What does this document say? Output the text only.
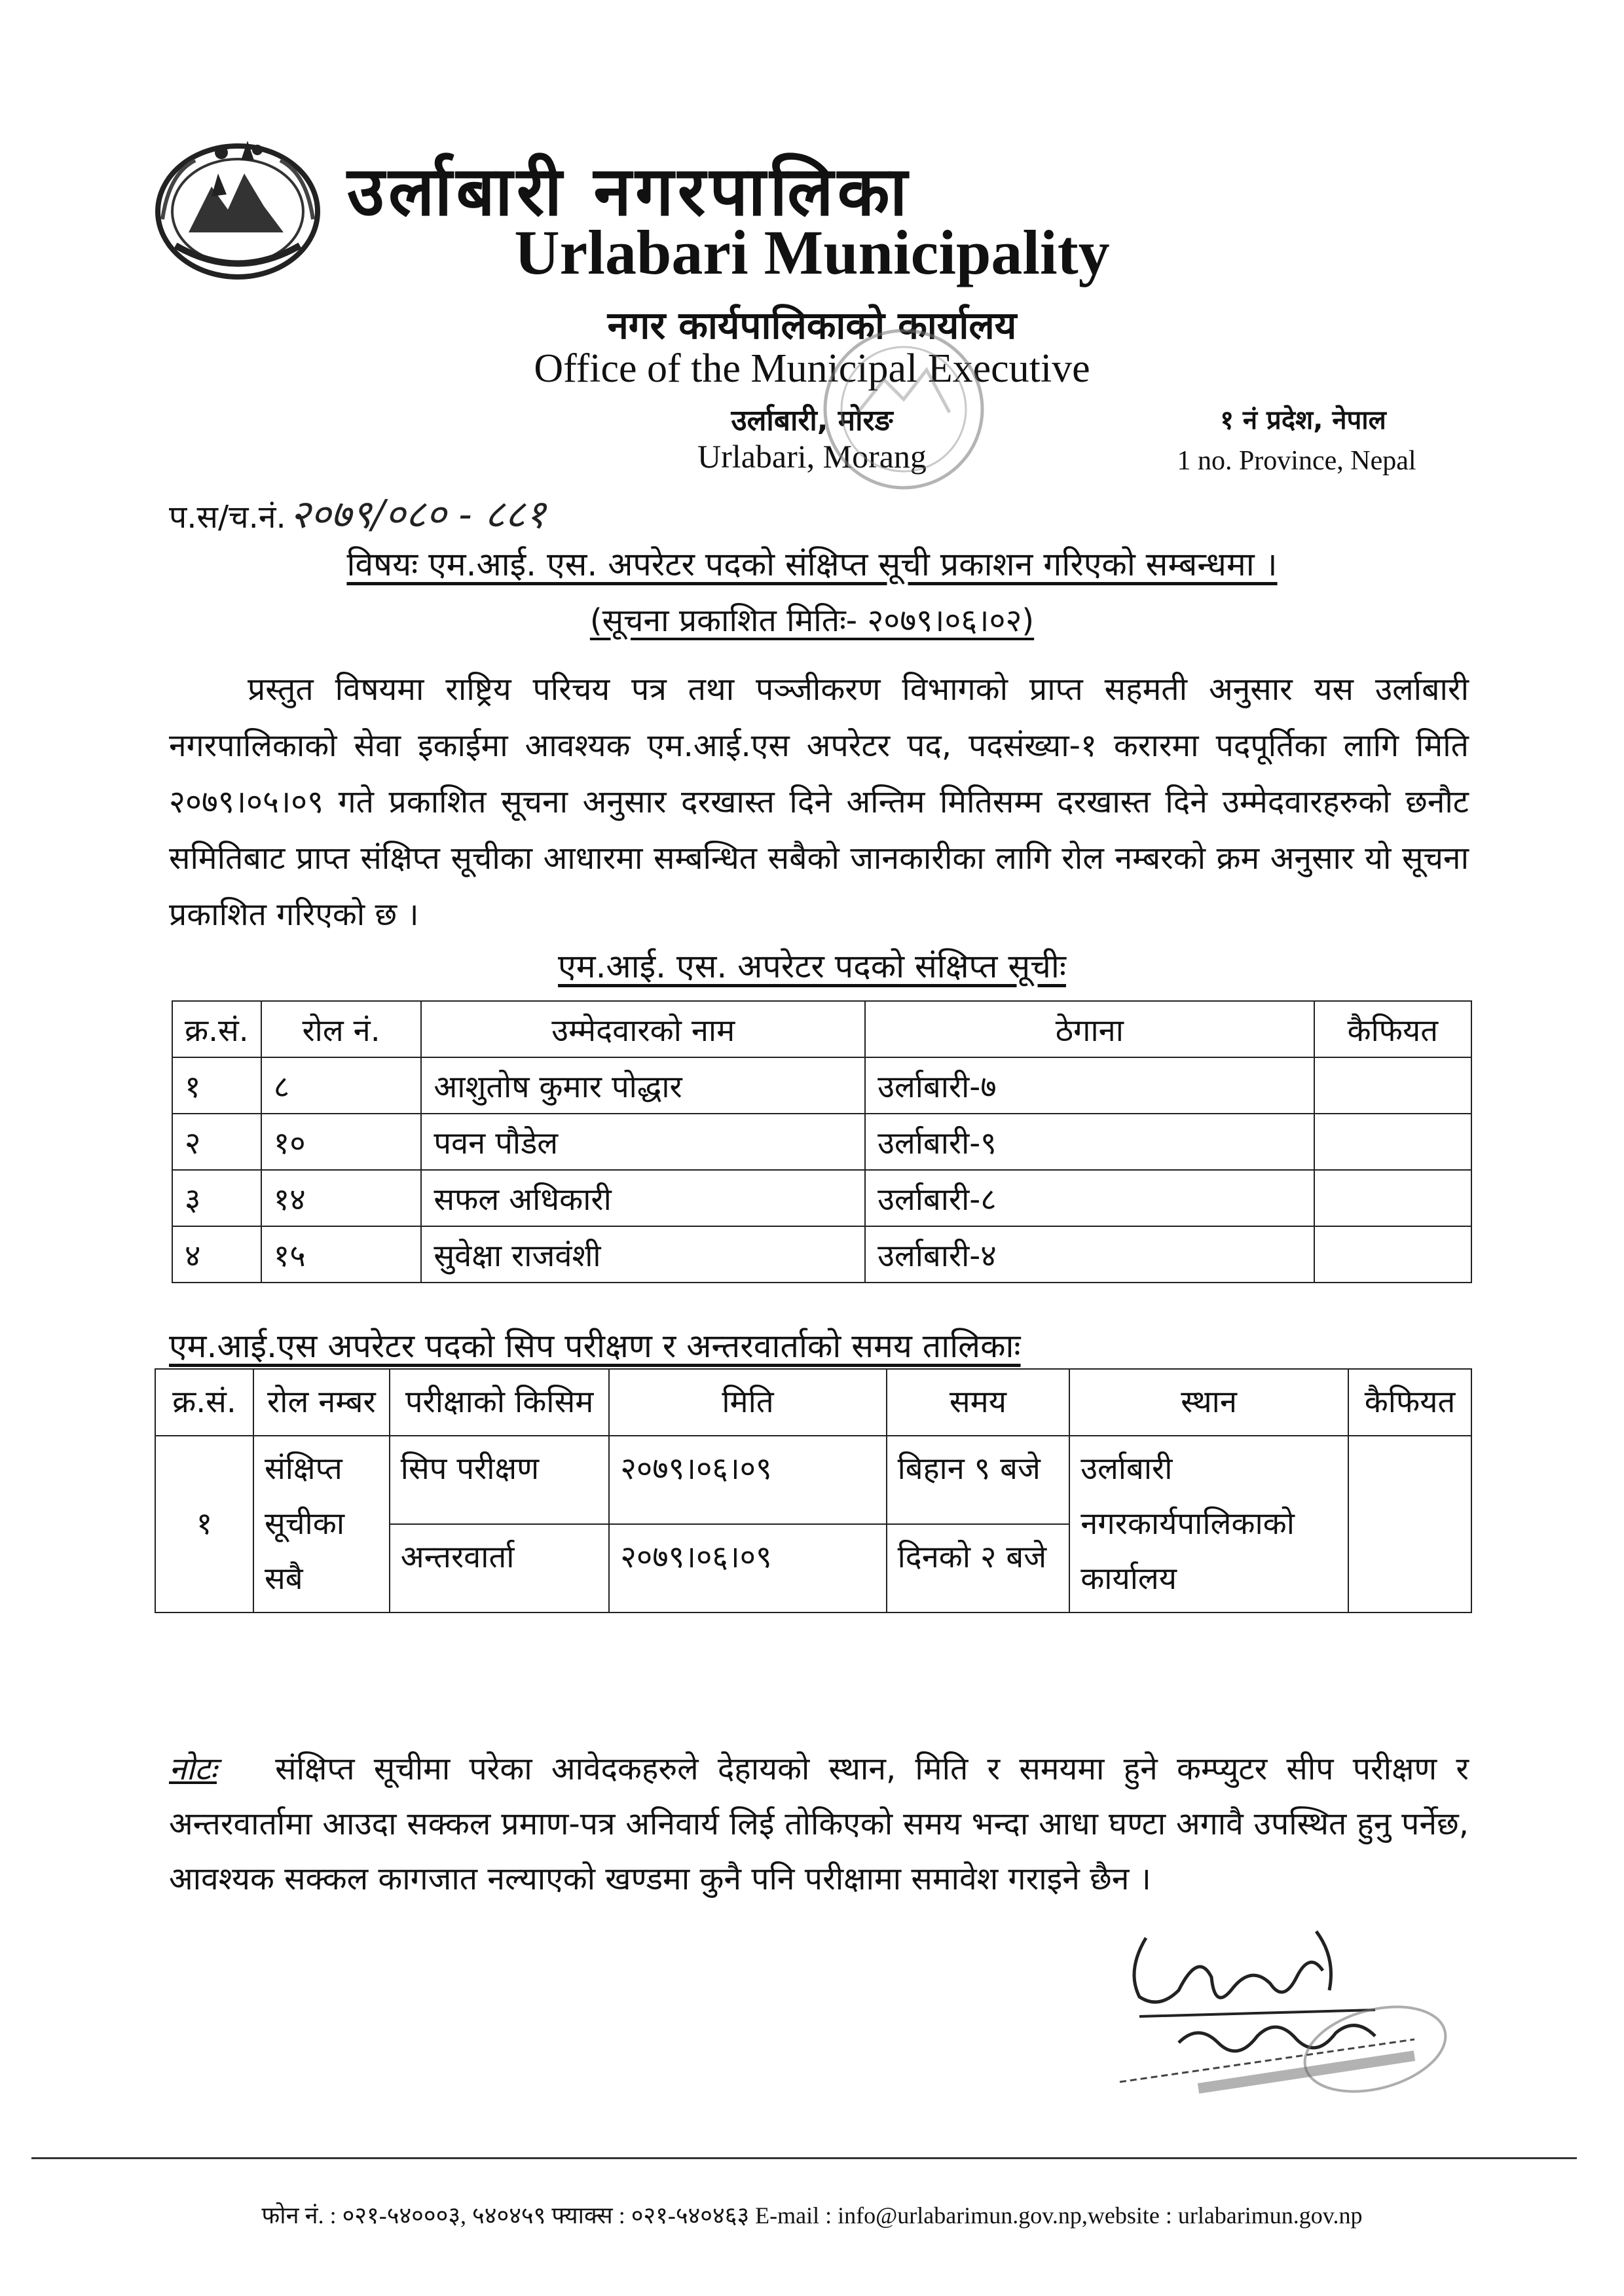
उर्लाबारी नगरपालिका
Urlabari Municipality
नगर कार्यपालिकाको कार्यालय
Office of the Municipal Executive
उर्लाबारी, मोरङ
Urlabari, Morang
१ नं प्रदेश, नेपाल
1 no. Province, Nepal
प.स/च.नं. २०७९/०८० - ८८१
विषयः एम.आई. एस. अपरेटर पदको संक्षिप्त सूची प्रकाशन गरिएको सम्बन्धमा ।
(सूचना प्रकाशित मितिः- २०७९।०६।०२)
प्रस्तुत विषयमा राष्ट्रिय परिचय पत्र तथा पञ्जीकरण विभागको प्राप्त सहमती अनुसार यस उर्लाबारी नगरपालिकाको सेवा इकाईमा आवश्यक एम.आई.एस अपरेटर पद, पदसंख्या-१ करारमा पदपूर्तिका लागि मिति २०७९।०५।०९ गते प्रकाशित सूचना अनुसार दरखास्त दिने अन्तिम मितिसम्म दरखास्त दिने उम्मेदवारहरुको छनौट समितिबाट प्राप्त संक्षिप्त सूचीका आधारमा सम्बन्धित सबैको जानकारीका लागि रोल नम्बरको क्रम अनुसार यो सूचना प्रकाशित गरिएको छ ।
एम.आई. एस. अपरेटर पदको संक्षिप्त सूचीः
क्र.सं.	रोल नं.	उम्मेदवारको नाम	ठेगाना	कैफियत
१	८	आशुतोष कुमार पोद्धार	उर्लाबारी-७	
२	१०	पवन पौडेल	उर्लाबारी-९	
३	१४	सफल अधिकारी	उर्लाबारी-८	
४	१५	सुवेक्षा राजवंशी	उर्लाबारी-४	
एम.आई.एस अपरेटर पदको सिप परीक्षण र अन्तरवार्ताको समय तालिकाः
क्र.सं.	रोल नम्बर	परीक्षाको किसिम	मिति	समय	स्थान	कैफियत
१	संक्षिप्त सूचीका सबै	सिप परीक्षण	२०७९।०६।०९	बिहान ९ बजे	उर्लाबारी नगरकार्यपालिकाको कार्यालय	
		अन्तरवार्ता	२०७९।०६।०९	दिनको २ बजे		
नोटः संक्षिप्त सूचीमा परेका आवेदकहरुले देहायको स्थान, मिति र समयमा हुने कम्प्युटर सीप परीक्षण र अन्तरवार्तामा आउदा सक्कल प्रमाण-पत्र अनिवार्य लिई तोकिएको समय भन्दा आधा घण्टा अगावै उपस्थित हुनु पर्नेछ, आवश्यक सक्कल कागजात नल्याएको खण्डमा कुनै पनि परीक्षामा समावेश गराइने छैन ।
फोन नं. : ०२१-५४०००३, ५४०४५९ फ्याक्स : ०२१-५४०४६३ E-mail : info@urlabarimun.gov.np,website : urlabarimun.gov.np
